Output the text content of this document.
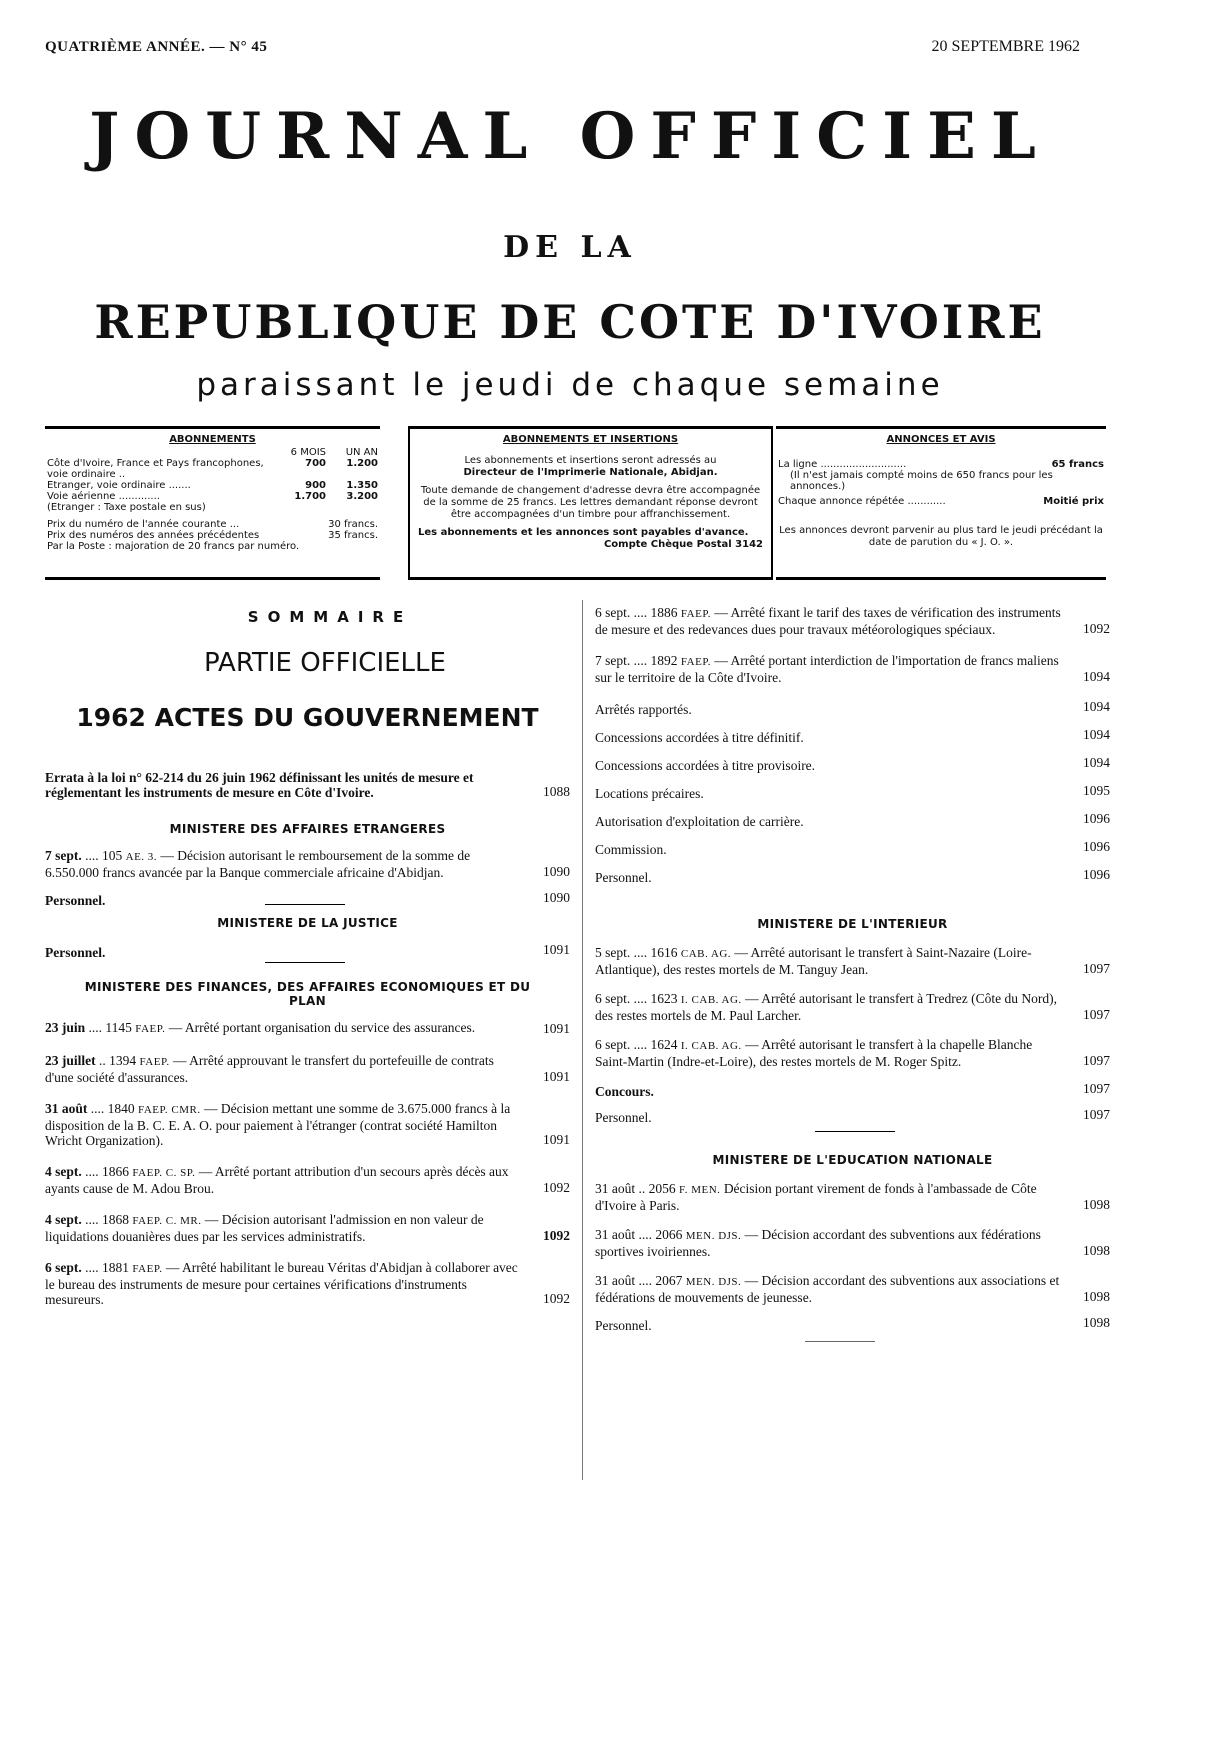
QUATRIÈME ANNÉE. — N° 45	20 SEPTEMBRE 1962
JOURNAL OFFICIEL
DE LA
REPUBLIQUE DE COTE D'IVOIRE
paraissant le jeudi de chaque semaine
ABONNEMENTS
	6 MOIS	UN AN
Côte d'Ivoire, France et Pays francophones, voie ordinaire ..	700	1.200
Etranger, voie ordinaire .......	900	1.350
Voie aérienne .............	1.700	3.200
(Etranger : Taxe postale en sus)		
Prix du numéro de l'année courante ...	30 francs.
Prix des numéros des années précédentes	35 francs.
Par la Poste : majoration de 20 francs par numéro.	
ABONNEMENTS ET INSERTIONS
Les abonnements et insertions seront adressés au
Directeur de l'Imprimerie Nationale, Abidjan.
Toute demande de changement d'adresse devra être accompagnée de la somme de 25 francs. Les lettres demandant réponse devront être accompagnées d'un timbre pour affranchissement.
Les abonnements et les annonces sont payables d'avance.
Compte Chèque Postal 3142
ANNONCES ET AVIS
La ligne ...........................	65 francs
(Il n'est jamais compté moins de 650 francs pour les annonces.)	
Chaque annonce répétée ............	Moitié prix
Les annonces devront parvenir au plus tard le jeudi précédant la date de parution du « J. O. ».
SOMMAIRE
PARTIE OFFICIELLE
1962 ACTES DU GOUVERNEMENT
Errata à la loi n° 62-214 du 26 juin 1962 définissant les unités de mesure et réglementant les instruments de mesure en Côte d'Ivoire.	1088
MINISTERE DES AFFAIRES ETRANGERES
7 sept. .... 105 AE. 3. — Décision autorisant le remboursement de la somme de 6.550.000 francs avancée par la Banque commerciale africaine d'Abidjan.	1090
Personnel.	1090
MINISTERE DE LA JUSTICE
Personnel.	1091
MINISTERE DES FINANCES, DES AFFAIRES ECONOMIQUES ET DU PLAN
23 juin .... 1145 FAEP. — Arrêté portant organisation du service des assurances.	1091
23 juillet .. 1394 FAEP. — Arrêté approuvant le transfert du portefeuille de contrats d'une société d'assurances.	1091
31 août .... 1840 FAEP. CMR. — Décision mettant une somme de 3.675.000 francs à la disposition de la B. C. E. A. O. pour paiement à l'étranger (contrat société Hamilton Wricht Organization).	1091
4 sept. .... 1866 FAEP. C. SP. — Arrêté portant attribution d'un secours après décès aux ayants cause de M. Adou Brou.	1092
4 sept. .... 1868 FAEP. C. MR. — Décision autorisant l'admission en non valeur de liquidations douanières dues par les services administratifs.	1092
6 sept. .... 1881 FAEP. — Arrêté habilitant le bureau Véritas d'Abidjan à collaborer avec le bureau des instruments de mesure pour certaines vérifications d'instruments mesureurs.	1092
6 sept. .... 1886 FAEP. — Arrêté fixant le tarif des taxes de vérification des instruments de mesure et des redevances dues pour travaux météorologiques spéciaux.	1092
7 sept. .... 1892 FAEP. — Arrêté portant interdiction de l'importation de francs maliens sur le territoire de la Côte d'Ivoire.	1094
Arrêtés rapportés.	1094
Concessions accordées à titre définitif.	1094
Concessions accordées à titre provisoire.	1094
Locations précaires.	1095
Autorisation d'exploitation de carrière.	1096
Commission.	1096
Personnel.	1096
MINISTERE DE L'INTERIEUR
5 sept. .... 1616 CAB. AG. — Arrêté autorisant le transfert à Saint-Nazaire (Loire-Atlantique), des restes mortels de M. Tanguy Jean.	1097
6 sept. .... 1623 I. CAB. AG. — Arrêté autorisant le transfert à Tredrez (Côte du Nord), des restes mortels de M. Paul Larcher.	1097
6 sept. .... 1624 I. CAB. AG. — Arrêté autorisant le transfert à la chapelle Blanche Saint-Martin (Indre-et-Loire), des restes mortels de M. Roger Spitz.	1097
Concours.	1097
Personnel.	1097
MINISTERE DE L'EDUCATION NATIONALE
31 août .. 2056 F. MEN. Décision portant virement de fonds à l'ambassade de Côte d'Ivoire à Paris.	1098
31 août .... 2066 MEN. DJS. — Décision accordant des subventions aux fédérations sportives ivoiriennes.	1098
31 août .... 2067 MEN. DJS. — Décision accordant des subventions aux associations et fédérations de mouvements de jeunesse.	1098
Personnel.	1098
